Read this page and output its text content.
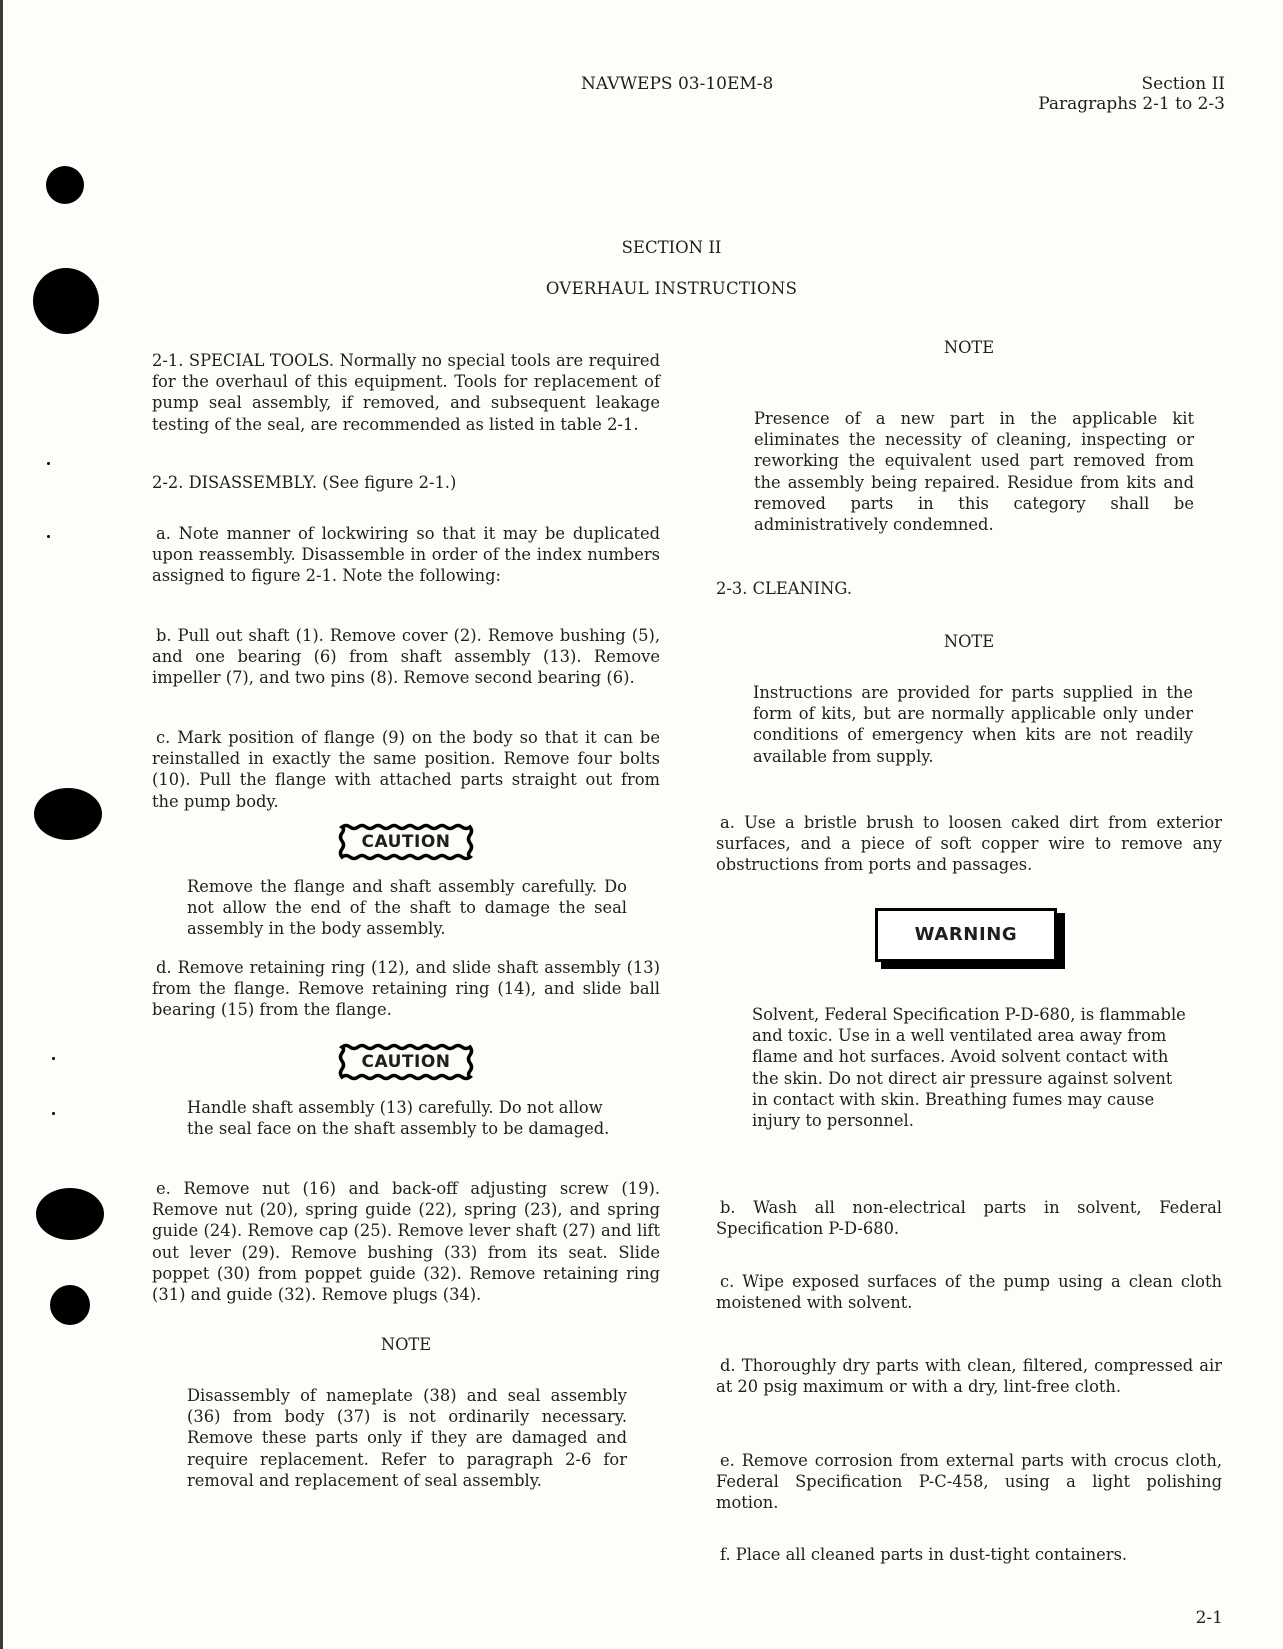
NAVWEPS 03-10EM-8	Section II
Paragraphs 2-1 to 2-3
SECTION II
OVERHAUL INSTRUCTIONS

2-1. SPECIAL TOOLS. Normally no special tools are required for the overhaul of this equipment. Tools for replacement of pump seal assembly, if removed, and subsequent leakage testing of the seal, are recommended as listed in table 2-1.

2-2. DISASSEMBLY. (See figure 2-1.)

a. Note manner of lockwiring so that it may be duplicated upon reassembly. Disassemble in order of the index numbers assigned to figure 2-1. Note the following:

b. Pull out shaft (1). Remove cover (2). Remove bushing (5), and one bearing (6) from shaft assembly (13). Remove impeller (7), and two pins (8). Remove second bearing (6).

c. Mark position of flange (9) on the body so that it can be reinstalled in exactly the same position. Remove four bolts (10). Pull the flange with attached parts straight out from the pump body.

CAUTION

Remove the flange and shaft assembly carefully. Do not allow the end of the shaft to damage the seal assembly in the body assembly.

d. Remove retaining ring (12), and slide shaft assembly (13) from the flange. Remove retaining ring (14), and slide ball bearing (15) from the flange.

CAUTION

Handle shaft assembly (13) carefully. Do not allow the seal face on the shaft assembly to be damaged.

e. Remove nut (16) and back-off adjusting screw (19). Remove nut (20), spring guide (22), spring (23), and spring guide (24). Remove cap (25). Remove lever shaft (27) and lift out lever (29). Remove bushing (33) from its seat. Slide poppet (30) from poppet guide (32). Remove retaining ring (31) and guide (32). Remove plugs (34).

NOTE

Disassembly of nameplate (38) and seal assembly (36) from body (37) is not ordinarily necessary. Remove these parts only if they are damaged and require replacement. Refer to paragraph 2-6 for removal and replacement of seal assembly.

NOTE

Presence of a new part in the applicable kit eliminates the necessity of cleaning, inspecting or reworking the equivalent used part removed from the assembly being repaired. Residue from kits and removed parts in this category shall be administratively condemned.

2-3. CLEANING.

NOTE

Instructions are provided for parts supplied in the form of kits, but are normally applicable only under conditions of emergency when kits are not readily available from supply.

a. Use a bristle brush to loosen caked dirt from exterior surfaces, and a piece of soft copper wire to remove any obstructions from ports and passages.

WARNING

Solvent, Federal Specification P-D-680, is flammable and toxic. Use in a well ventilated area away from flame and hot surfaces. Avoid solvent contact with the skin. Do not direct air pressure against solvent in contact with skin. Breathing fumes may cause injury to personnel.

b. Wash all non-electrical parts in solvent, Federal Specification P-D-680.

c. Wipe exposed surfaces of the pump using a clean cloth moistened with solvent.

d. Thoroughly dry parts with clean, filtered, compressed air at 20 psig maximum or with a dry, lint-free cloth.

e. Remove corrosion from external parts with crocus cloth, Federal Specification P-C-458, using a light polishing motion.

f. Place all cleaned parts in dust-tight containers.

2-1
